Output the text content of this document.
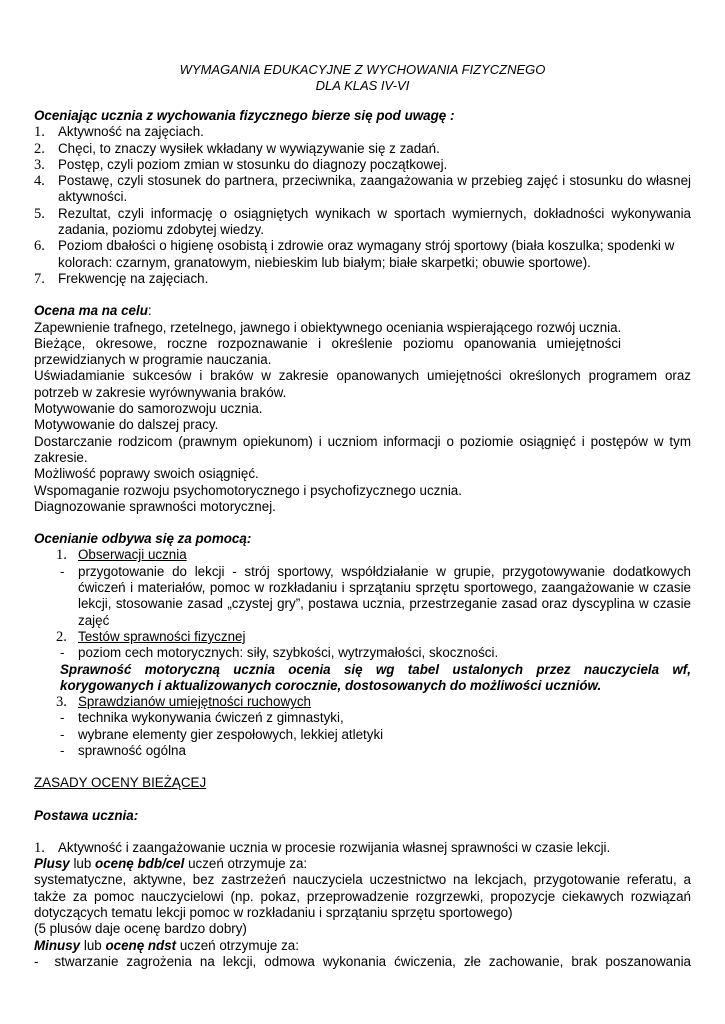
WYMAGANIA EDUKACYJNE Z WYCHOWANIA FIZYCZNEGO
DLA KLAS IV-VI
Oceniając ucznia z wychowania fizycznego bierze się pod uwagę :
1. Aktywność na zajęciach.
2. Chęci, to znaczy wysiłek wkładany w wywiązywanie się z zadań.
3. Postęp, czyli poziom zmian w stosunku do diagnozy początkowej.
4. Postawę, czyli stosunek do partnera, przeciwnika, zaangażowania w przebieg zajęć i stosunku do własnej aktywności.
5. Rezultat, czyli informację o osiągniętych wynikach w sportach wymiernych, dokładności wykonywania zadania, poziomu zdobytej wiedzy.
6. Poziom dbałości o higienę osobistą i zdrowie oraz wymagany strój sportowy (biała koszulka; spodenki w kolorach: czarnym, granatowym, niebieskim lub białym; białe skarpetki; obuwie sportowe).
7. Frekwencję na zajęciach.
Ocena ma na celu:
Zapewnienie trafnego, rzetelnego, jawnego i obiektywnego oceniania wspierającego rozwój ucznia.
Bieżące, okresowe, roczne rozpoznawanie i określenie poziomu opanowania umiejętności przewidzianych w programie nauczania.
Uświadamianie sukcesów i braków w zakresie opanowanych umiejętności określonych programem oraz potrzeb w zakresie wyrównywania braków.
Motywowanie do samorozwoju ucznia.
Motywowanie do dalszej pracy.
Dostarczanie rodzicom (prawnym opiekunom) i uczniom informacji o poziomie osiągnięć i postępów w tym zakresie.
Możliwość poprawy swoich osiągnięć.
Wspomaganie rozwoju psychomotorycznego i psychofizycznego ucznia.
Diagnozowanie sprawności motorycznej.
Ocenianie odbywa się za pomocą:
1. Obserwacji ucznia
-	przygotowanie do lekcji - strój sportowy, współdziałanie w grupie, przygotowywanie dodatkowych ćwiczeń i materiałów, pomoc w rozkładaniu i sprzątaniu sprzętu sportowego, zaangażowanie w czasie lekcji, stosowanie zasad „czystej gry”, postawa ucznia, przestrzeganie zasad oraz dyscyplina w czasie zajęć
2. Testów sprawności fizycznej
-	poziom cech motorycznych: siły, szybkości, wytrzymałości, skoczności.
Sprawność motoryczną ucznia ocenia się wg tabel ustalonych przez nauczyciela wf, korygowanych i aktualizowanych corocznie, dostosowanych do możliwości uczniów.
3. Sprawdzianów umiejętności ruchowych
-	technika wykonywania ćwiczeń z gimnastyki,
-	wybrane elementy gier zespołowych, lekkiej atletyki
-	sprawność ogólna
ZASADY OCENY BIEŻĄCEJ
Postawa ucznia:
1. Aktywność i zaangażowanie ucznia w procesie rozwijania własnej sprawności w czasie lekcji.
Plusy lub ocenę bdb/cel uczeń otrzymuje za:
systematyczne, aktywne, bez zastrzeżeń nauczyciela uczestnictwo na lekcjach, przygotowanie referatu, a także za pomoc nauczycielowi (np. pokaz, przeprowadzenie rozgrzewki, propozycje ciekawych rozwiązań dotyczących tematu lekcji pomoc w rozkładaniu i sprzątaniu sprzętu sportowego)
(5 plusów daje ocenę bardzo dobry)
Minusy lub ocenę ndst uczeń otrzymuje za:
- stwarzanie zagrożenia na lekcji, odmowa wykonania ćwiczenia, złe zachowanie, brak poszanowania
